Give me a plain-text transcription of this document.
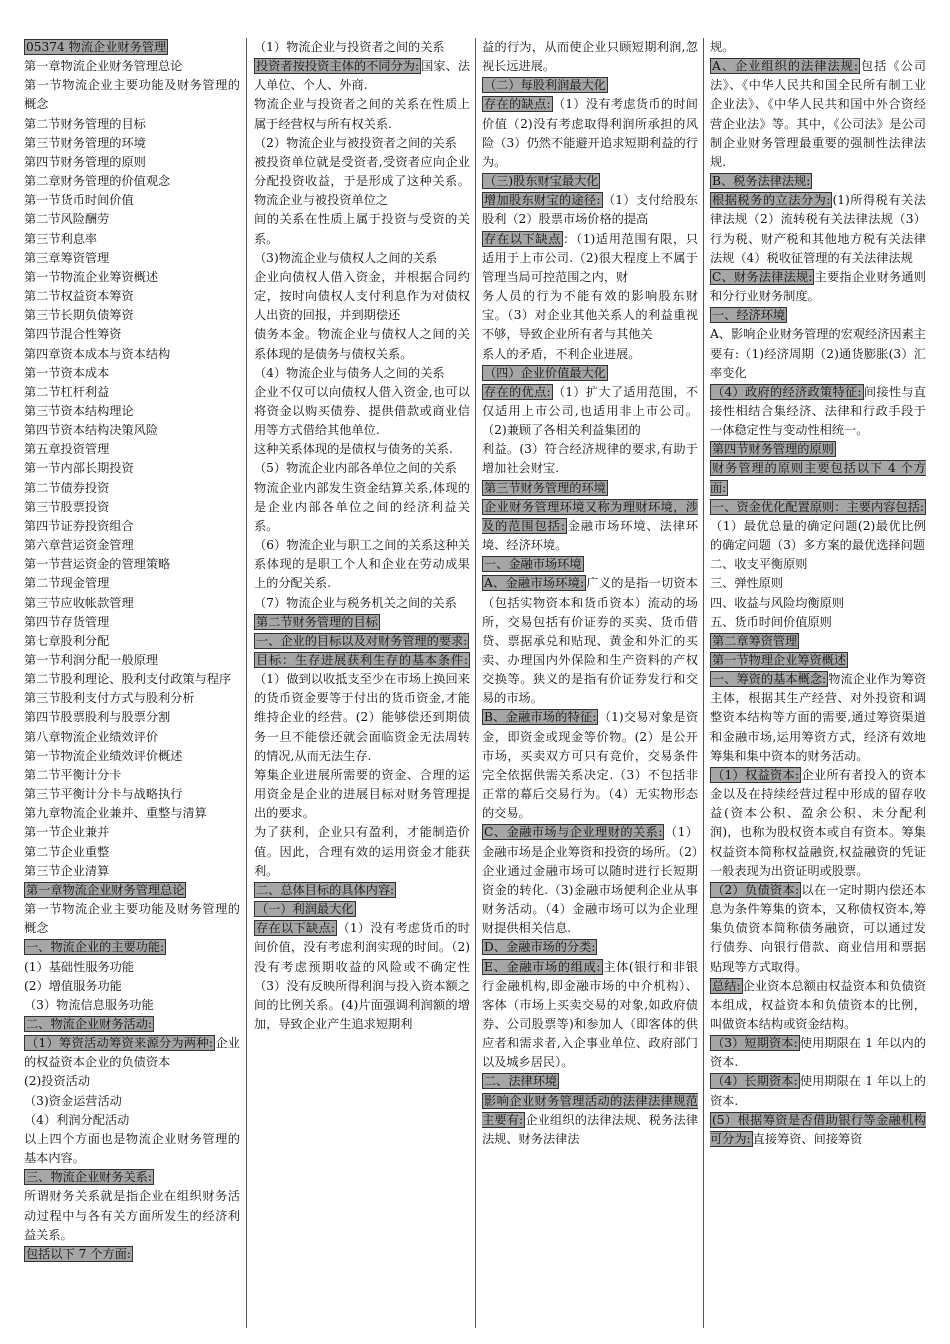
05374 物流企业财务管理
第一章物流企业财务管理总论
第一节物流企业主要功能及财务管理的概念
第二节财务管理的目标
第三节财务管理的环境
第四节财务管理的原则
第二章财务管理的价值观念
第一节货币时间价值
第二节风险酬劳
第三节利息率
第三章筹资管理
第一节物流企业筹资概述
第二节权益资本筹资
第三节长期负债筹资
第四节混合性筹资
第四章资本成本与资本结构
第一节资本成本
第二节杠杆利益
第三节资本结构理论
第四节资本结构决策风险
第五章投资管理
第一节内部长期投资
第二节债券投资
第三节股票投资
第四节证券投资组合
第六章营运资金管理
第一节营运资金的管理策略
第二节现金管理
第三节应收帐款管理
第四节存货管理
第七章股利分配
第一节利润分配一般原理
第二节股利理论、股利支付政策与程序
第三节股利支付方式与股利分析
第四节股票股利与股票分割
第八章物流企业绩效评价
第一节物流企业绩效评价概述
第二节平衡计分卡
第三节平衡计分卡与战略执行
第九章物流企业兼并、重整与清算
第一节企业兼并
第二节企业重整
第三节企业清算
第一章物流企业财务管理总论
第一节物流企业主要功能及财务管理的概念
一、物流企业的主要功能:
(1）基础性服务功能
(2）增值服务功能
（3）物流信息服务功能
二、物流企业财务活动:
（1）筹资活动筹资来源分为两种: 企业的权益资本企业的负债资本
(2)投资活动
（3)资金运营活动
（4）利润分配活动
以上四个方面也是物流企业财务管理的基本内容。
三、物流企业财务关系:
所谓财务关系就是指企业在组织财务活动过程中与各有关方面所发生的经济利益关系。
包括以下 7 个方面:
（1）物流企业与投资者之间的关系
投资者按投资主体的不同分为: 国家、法人单位、个人、外商.
物流企业与投资者之间的关系在性质上属于经营权与所有权关系.
（2）物流企业与被投资者之间的关系
被投资单位就是受资者,受资者应向企业分配投资收益，于是形成了这种关系。物流企业与被投资单位之
间的关系在性质上属于投资与受资的关系。
（3)物流企业与债权人之间的关系
企业向债权人借入资金，并根据合同约定，按时向债权人支付利息作为对债权人出资的回报，并到期偿还
债务本金。物流企业与债权人之间的关系体现的是债务与债权关系。
（4）物流企业与债务人之间的关系
企业不仅可以向债权人借入资金,也可以将资金以购买债券、提供借款或商业信用等方式借给其他单位.
这种关系体现的是债权与债务的关系.
（5）物流企业内部各单位之间的关系
物流企业内部发生资金结算关系,体现的是企业内部各单位之间的经济利益关系。
（6）物流企业与职工之间的关系这种关系体现的是职工个人和企业在劳动成果上的分配关系.
（7）物流企业与税务机关之间的关系
第二节财务管理的目标
一、企业的目标以及对财务管理的要求:
目标：生存进展获利生存的基本条件:（1）做到以收抵支至少在市场上换回来的货币资金要等于付出的货币资金,才能维持企业的经营。(2）能够偿还到期债务一旦不能偿还就会面临资金无法周转的情况,从而无法生存.
筹集企业进展所需要的资金、合理的运用资金是企业的进展目标对财务管理提出的要求。
为了获利，企业只有盈利，才能制造价值。因此，合理有效的运用资金才能获利。
二、总体目标的具体内容:
（一）利润最大化
存在以下缺点: （1）没有考虑货币的时间价值，没有考虑利润实现的时间。（2)没有考虑预期收益的风险或不确定性（3）没有反映所得利润与投入资本额之间的比例关系。(4)片面强调利润额的增加，导致企业产生追求短期利
益的行为，从而使企业只顾短期利润,忽视长远进展。
（二）每股利润最大化
存在的缺点: （1）没有考虑货币的时间价值（2)没有考虑取得利润所承担的风险（3）仍然不能避开追求短期利益的行为。
（三)股东财宝最大化
增加股东财宝的途径: （1）支付给股东股利（2）股票市场价格的提高
存在以下缺点 ：（1)适用范围有限，只适用于上市公司.（2)很大程度上不属于管理当局可控范围之内，财
务人员的行为不能有效的影响股东财宝。（3）对企业其他关系人的利益重视不够，导致企业所有者与其他关
系人的矛盾，不利企业进展。
（四）企业价值最大化
存在的优点: （1）扩大了适用范围，不仅适用上市公司,也适用非上市公司。（2)兼顾了各相关利益集团的
利益。(3）符合经济规律的要求,有助于增加社会财宝.
第三节财务管理的环境
企业财务管理环境又称为理财环境，涉及的范围包括: 金融市场环境、法律环境、经济环境。
一、金融市场环境
A、金融市场环境: 广义的是指一切资本（包括实物资本和货币资本）流动的场所，交易包括有价证券的买卖、货币借贷、票据承兑和贴现、黄金和外汇的买卖、办理国内外保险和生产资料的产权交换等。狭义的是指有价证券发行和交易的市场。
B、金融市场的特征: （1)交易对象是资金，即资金或现金等价物。(2）是公开市场，买卖双方可只有竞价，交易条件完全依据供需关系决定.（3）不包括非正常的幕后交易行为。（4）无实物形态的交易。
C、金融市场与企业理财的关系: （1）金融市场是企业筹资和投资的场所。（2）企业通过金融市场可以随时进行长短期资金的转化.（3)金融市场便利企业从事财务活动。（4）金融市场可以为企业理财提供相关信息.
D、金融市场的分类:
E、金融市场的组成: 主体(银行和非银行金融机构,即金融市场的中介机构）、客体（市场上买卖交易的对象,如政府债券、公司股票等)和参加人（即客体的供应者和需求者,入企事业单位、政府部门以及城乡居民）。
二、法律环境
影响企业财务管理活动的法律法律规范主要有: 企业组织的法律法规、税务法律法规、财务法律法
规。
A、企业组织的法律法规: 包括《公司法》、《中华人民共和国全民所有制工业企业法》、《中华人民共和国中外合资经营企业法》等。其中，《公司法》是公司制企业财务管理最重要的强制性法律法规.
B、税务法律法规:
根据税务的立法分为: (1)所得税有关法律法规（2）流转税有关法律法规（3）行为税、财产税和其他地方税有关法律法规（4）税收征管理的有关法律法规
C、财务法律法规: 主要指企业财务通则和分行业财务制度。
一、经济环境
A、影响企业财务管理的宏观经济因素主要有:（1)经济周期（2)通货膨胀(3）汇率变化
（4）政府的经济政策特征: 间接性与直接性相结合集经济、法律和行政手段于一体稳定性与变动性相统一。
第四节财务管理的原则
财务管理的原则主要包括以下 4 个方面:
一、资金优化配置原则：主要内容包括:（1）最优总量的确定问题(2)最优比例的确定问题（3）多方案的最优选择问题
二、收支平衡原则
三、弹性原则
四、收益与风险均衡原则
五、货币时间价值原则
第二章筹资管理
第一节物理企业筹资概述
一、筹资的基本概念: 物流企业作为筹资主体，根据其生产经营、对外投资和调整资本结构等方面的需要,通过筹资渠道和金融市场,运用筹资方式，经济有效地筹集和集中资本的财务活动。
（1）权益资本: 企业所有者投入的资本金以及在持续经营过程中形成的留存收益(资本公积、盈余公积、未分配利润)，也称为股权资本或自有资本。筹集权益资本简称权益融资,权益融资的凭证一般表现为出资证明或股票。
（2）负债资本: 以在一定时期内偿还本息为条件筹集的资本，又称债权资本,筹集负债资本简称债务融资，可以通过发行债券、向银行借款、商业信用和票据贴现等方式取得。
总结: 企业资本总额由权益资本和负债资本组成，权益资本和负债资本的比例，叫做资本结构或资金结构。
（3）短期资本: 使用期限在 1 年以内的资本.
（4）长期资本: 使用期限在 1 年以上的资本.
(5）根据筹资是否借助银行等金融机构可分为: 直接筹资、间接筹资
